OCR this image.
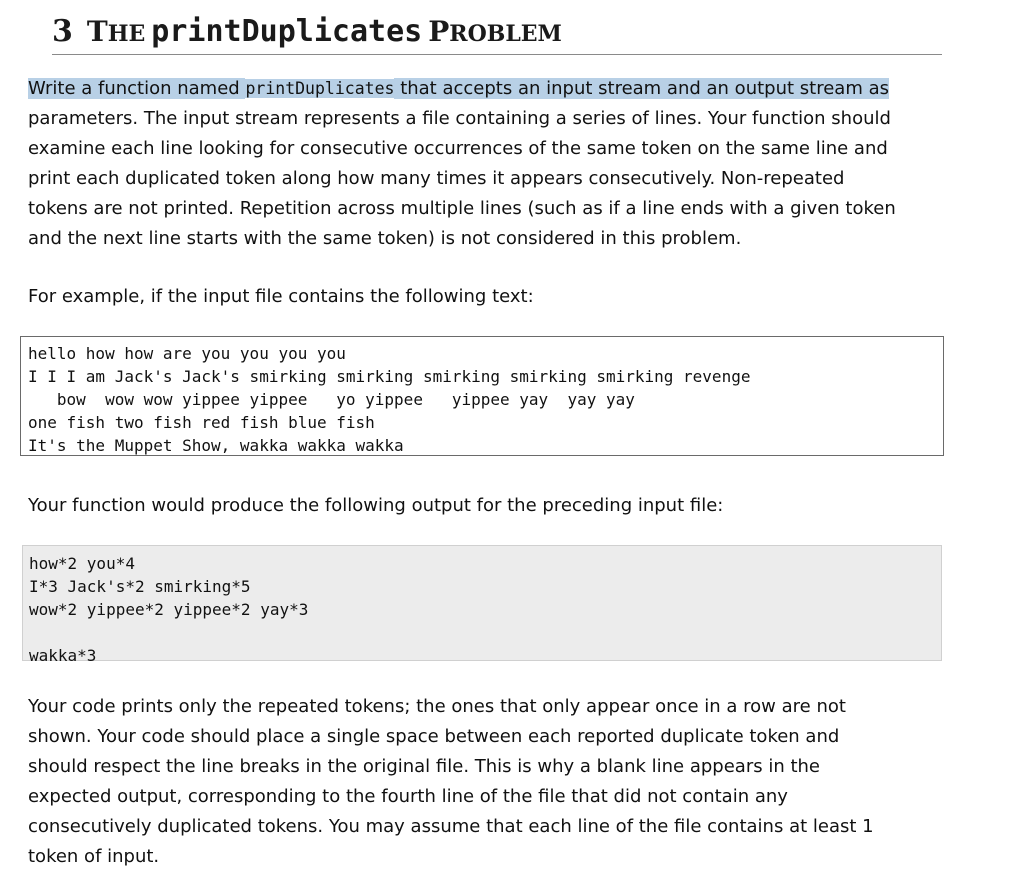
3 THE printDuplicates PROBLEM
Write a function named printDuplicates that accepts an input stream and an output stream as
parameters. The input stream represents a file containing a series of lines. Your function should
examine each line looking for consecutive occurrences of the same token on the same line and
print each duplicated token along how many times it appears consecutively. Non-repeated
tokens are not printed. Repetition across multiple lines (such as if a line ends with a given token
and the next line starts with the same token) is not considered in this problem.
For example, if the input file contains the following text:
hello how how are you you you you
I I I am Jack's Jack's smirking smirking smirking smirking smirking revenge
bow  wow wow yippee yippee   yo yippee   yippee yay  yay yay
one fish two fish red fish blue fish
It's the Muppet Show, wakka wakka wakka
Your function would produce the following output for the preceding input file:
how*2 you*4
I*3 Jack's*2 smirking*5
wow*2 yippee*2 yippee*2 yay*3
wakka*3
Your code prints only the repeated tokens; the ones that only appear once in a row are not
shown. Your code should place a single space between each reported duplicate token and
should respect the line breaks in the original file. This is why a blank line appears in the
expected output, corresponding to the fourth line of the file that did not contain any
consecutively duplicated tokens. You may assume that each line of the file contains at least 1
token of input.
